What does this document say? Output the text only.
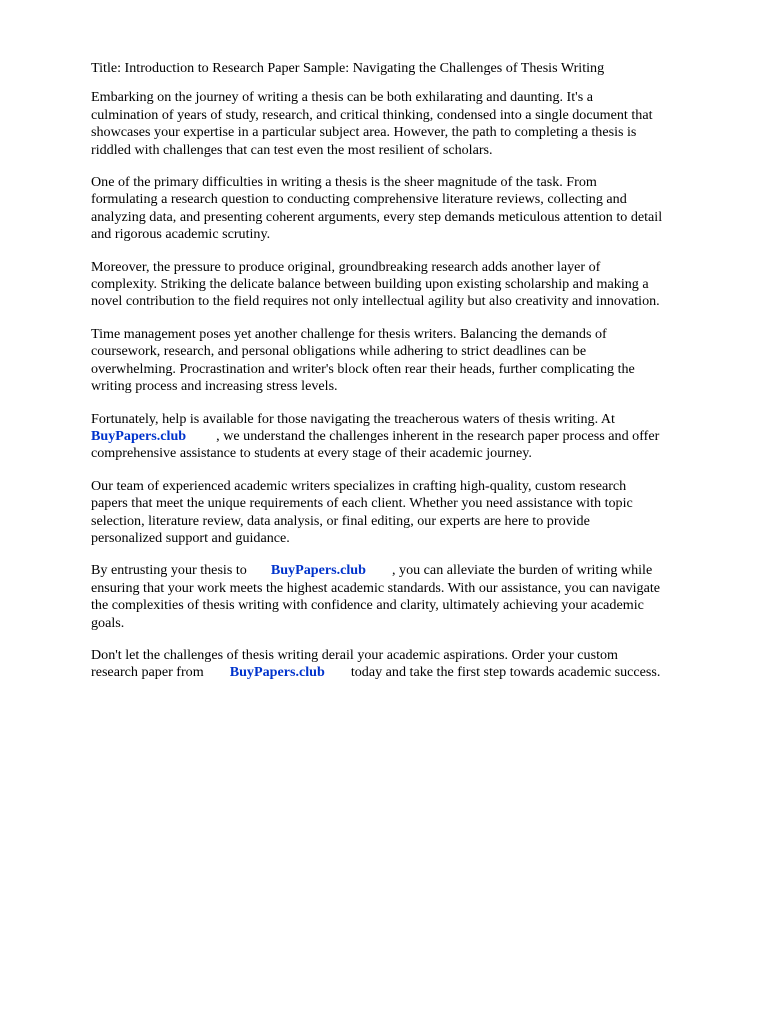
Title: Introduction to Research Paper Sample: Navigating the Challenges of Thesis Writing
Embarking on the journey of writing a thesis can be both exhilarating and daunting. It's a
culmination of years of study, research, and critical thinking, condensed into a single document that
showcases your expertise in a particular subject area. However, the path to completing a thesis is
riddled with challenges that can test even the most resilient of scholars.
One of the primary difficulties in writing a thesis is the sheer magnitude of the task. From
formulating a research question to conducting comprehensive literature reviews, collecting and
analyzing data, and presenting coherent arguments, every step demands meticulous attention to detail
and rigorous academic scrutiny.
Moreover, the pressure to produce original, groundbreaking research adds another layer of
complexity. Striking the delicate balance between building upon existing scholarship and making a
novel contribution to the field requires not only intellectual agility but also creativity and innovation.
Time management poses yet another challenge for thesis writers. Balancing the demands of
coursework, research, and personal obligations while adhering to strict deadlines can be
overwhelming. Procrastination and writer's block often rear their heads, further complicating the
writing process and increasing stress levels.
Fortunately, help is available for those navigating the treacherous waters of thesis writing. At
BuyPapers.club , we understand the challenges inherent in the research paper process and offer
comprehensive assistance to students at every stage of their academic journey.
Our team of experienced academic writers specializes in crafting high-quality, custom research
papers that meet the unique requirements of each client. Whether you need assistance with topic
selection, literature review, data analysis, or final editing, our experts are here to provide
personalized support and guidance.
By entrusting your thesis to BuyPapers.club , you can alleviate the burden of writing while
ensuring that your work meets the highest academic standards. With our assistance, you can navigate
the complexities of thesis writing with confidence and clarity, ultimately achieving your academic
goals.
Don't let the challenges of thesis writing derail your academic aspirations. Order your custom
research paper from BuyPapers.club today and take the first step towards academic success.
